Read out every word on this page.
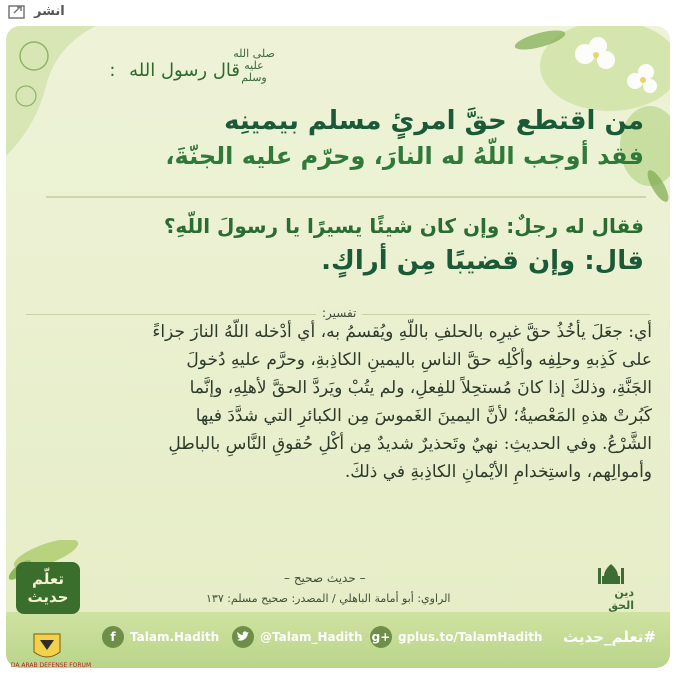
انشر
قال رسول الله :
صلى الله عليه وسلم
من اقتطع حقَّ امرئٍ مسلم بيمينِه
فقد أوجب اللّهُ له النارَ، وحرّم عليه الجنّةَ،
فقال له رجلٌ: وإن كان شيئًا يسيرًا يا رسولَ اللّهِ؟
قال: وإن قضيبًا مِن أراكٍ.
تفسير:
أي: جعَلَ يأخُذُ حقَّ غيرِه بالحلفِ باللّهِ ويُقسمُ به، أي أدْخله اللّهُ النارَ جزاءً
على كَذِبهِ وحلِفِه وأكْلِه حقَّ الناسِ باليمينِ الكاذِبةِ، وحرَّم عليهِ دُخولَ
الجَنَّةِ، وذلكَ إذا كانَ مُستحِلاً للفِعلِ، ولم يتُبْ ويَردَّ الحقَّ لأهلِهِ، وإنَّما
كَبُرتْ هذهِ المَعْصيةُ؛ لأنَّ اليمينَ الغَموسَ مِن الكبائرِ التي شدَّدَ فيها
الشَّرْعُ. وفي الحديثِ: نهيٌ وتَحذيرٌ شديدٌ مِن أكْلِ حُقوقِ النَّاسِ بالباطلِ
وأموالِهم، واستِخدامِ الأيْمانِ الكاذِبةِ في ذلكَ.
– حديث صحيح –
الراوي: أبو أمامة الباهلي / المصدر: صحيح مسلم: ١٣٧	دين الحق
f	Talam.Hadith	@Talam_Hadith g+ gplus.to/TalamHadith #تعلم_حديث
تعلّم
حديث
DA ARAB DEFENSE FORUM
